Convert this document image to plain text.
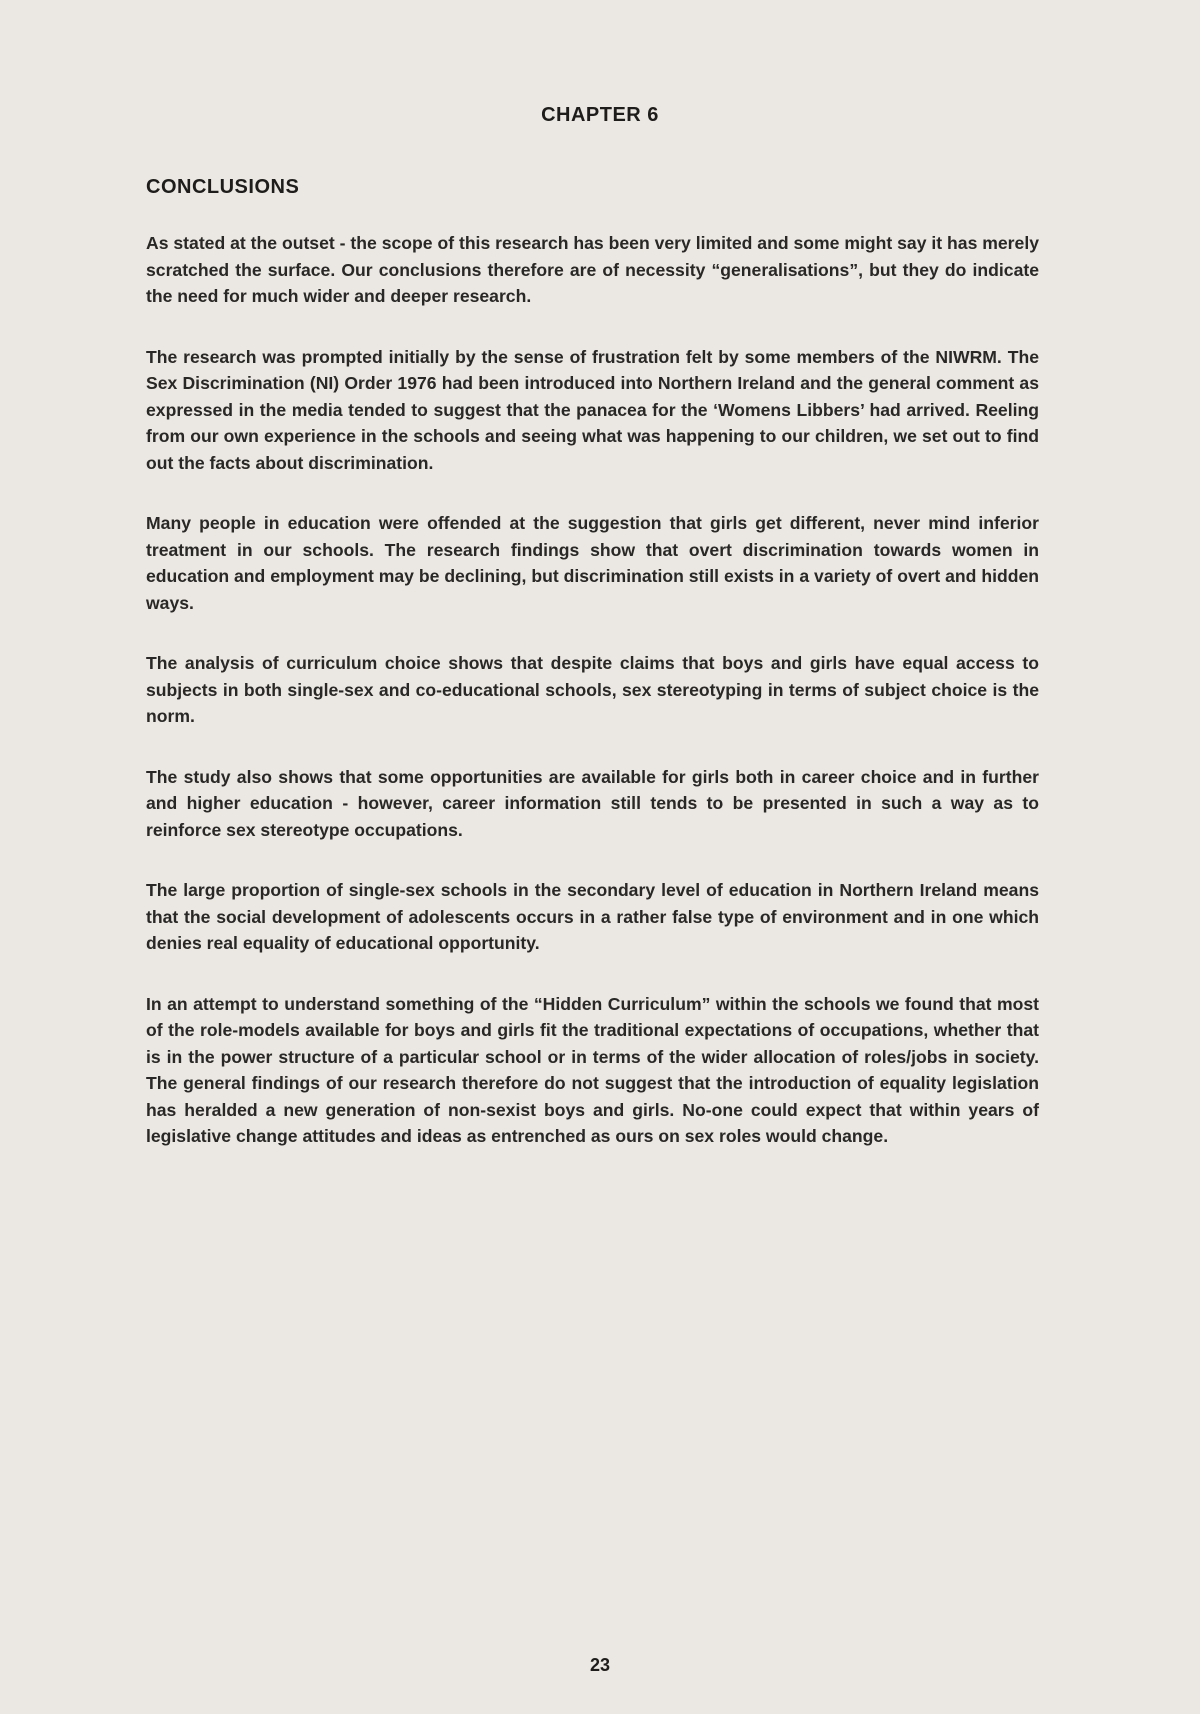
CHAPTER 6
CONCLUSIONS

As stated at the outset - the scope of this research has been very limited and some might say it has merely scratched the surface. Our conclusions therefore are of necessity “generalisations”, but they do indicate the need for much wider and deeper research.

The research was prompted initially by the sense of frustration felt by some members of the NIWRM. The Sex Discrimination (NI) Order 1976 had been introduced into Northern Ireland and the general comment as expressed in the media tended to suggest that the panacea for the ‘Womens Libbers’ had arrived. Reeling from our own experience in the schools and seeing what was happening to our children, we set out to find out the facts about discrimination.

Many people in education were offended at the suggestion that girls get different, never mind inferior treatment in our schools. The research findings show that overt discrimination towards women in education and employment may be declining, but discrimination still exists in a variety of overt and hidden ways.

The analysis of curriculum choice shows that despite claims that boys and girls have equal access to subjects in both single-sex and co-educational schools, sex stereotyping in terms of subject choice is the norm.

The study also shows that some opportunities are available for girls both in career choice and in further and higher education - however, career information still tends to be presented in such a way as to reinforce sex stereotype occupations.

The large proportion of single-sex schools in the secondary level of education in Northern Ireland means that the social development of adolescents occurs in a rather false type of environment and in one which denies real equality of educational opportunity.

In an attempt to understand something of the “Hidden Curriculum” within the schools we found that most of the role-models available for boys and girls fit the traditional expectations of occupations, whether that is in the power structure of a particular school or in terms of the wider allocation of roles/jobs in society. The general findings of our research therefore do not suggest that the introduction of equality legislation has heralded a new generation of non-sexist boys and girls. No-one could expect that within years of legislative change attitudes and ideas as entrenched as ours on sex roles would change.

23
